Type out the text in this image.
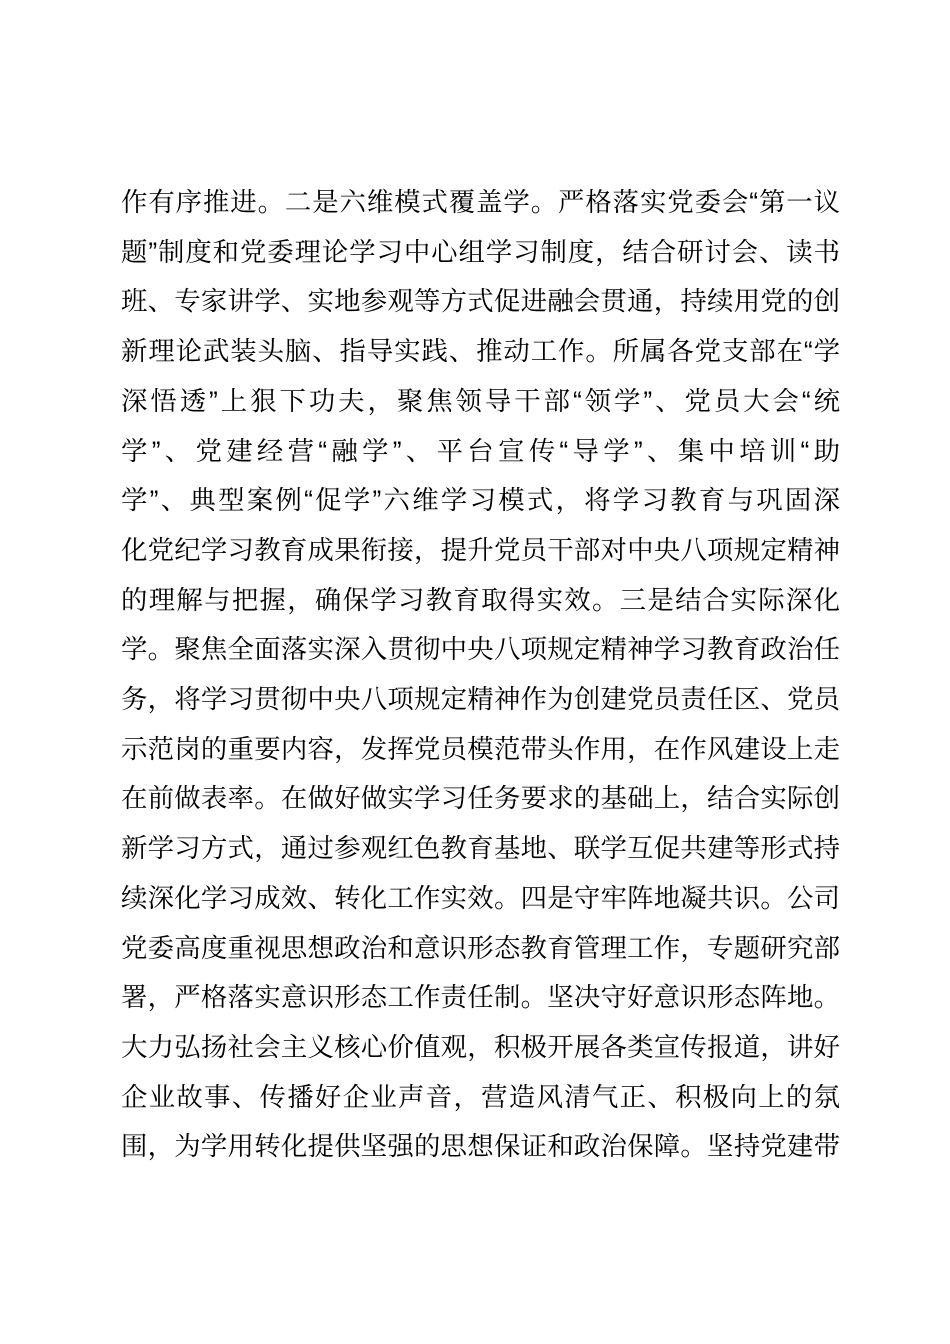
作有序推进。二是六维模式覆盖学。严格落实党委会“第一议
题”制度和党委理论学习中心组学习制度，结合研讨会、读书
班、专家讲学、实地参观等方式促进融会贯通，持续用党的创
新理论武装头脑、指导实践、推动工作。所属各党支部在“学
深悟透”上狠下功夫，聚焦领导干部“领学”、党员大会“统
学”、党建经营“融学”、平台宣传“导学”、集中培训“助
学”、典型案例“促学”六维学习模式，将学习教育与巩固深
化党纪学习教育成果衔接，提升党员干部对中央八项规定精神
的理解与把握，确保学习教育取得实效。三是结合实际深化
学。聚焦全面落实深入贯彻中央八项规定精神学习教育政治任
务，将学习贯彻中央八项规定精神作为创建党员责任区、党员
示范岗的重要内容，发挥党员模范带头作用，在作风建设上走
在前做表率。在做好做实学习任务要求的基础上，结合实际创
新学习方式，通过参观红色教育基地、联学互促共建等形式持
续深化学习成效、转化工作实效。四是守牢阵地凝共识。公司
党委高度重视思想政治和意识形态教育管理工作，专题研究部
署，严格落实意识形态工作责任制。坚决守好意识形态阵地。
大力弘扬社会主义核心价值观，积极开展各类宣传报道，讲好
企业故事、传播好企业声音，营造风清气正、积极向上的氛
围，为学用转化提供坚强的思想保证和政治保障。坚持党建带
